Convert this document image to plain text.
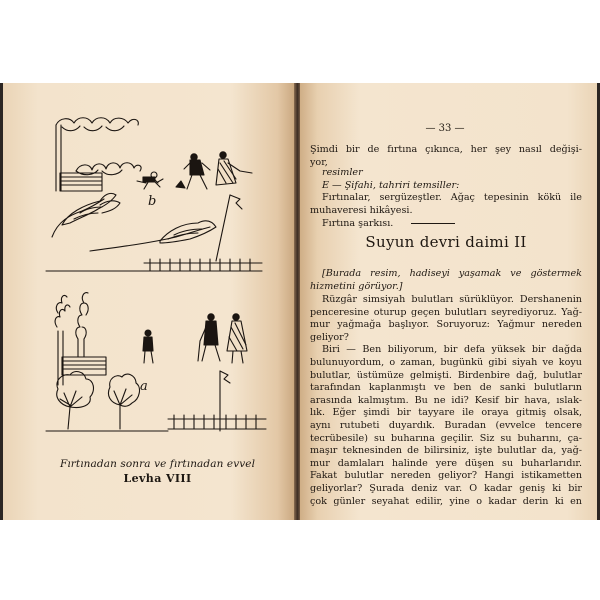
b
a
Fırtınadan sonra ve fırtınadan evvel
Levha VIII
— 33 —
Şimdi bir de fırtına çıkınca, her şey nasıl değişi-
yor,
resimler
E — Şifahi, tahriri temsiller:
Fırtınalar, sergüzeştler. Ağaç tepesinin kökü ile
muhaveresi hikâyesi.
Fırtına şarkısı.
Suyun devri daimi II
[Burada resim, hadiseyi yaşamak ve göstermek
hizmetini görüyor.]
Rüzgâr simsiyah bulutları sürüklüyor. Dershanenin
penceresine oturup geçen bulutları seyrediyoruz. Yağ-
mur yağmağa başlıyor. Soruyoruz: Yağmur nereden
geliyor?
Biri — Ben biliyorum, bir defa yüksek bir dağda
bulunuyordum, o zaman, bugünkü gibi siyah ve koyu
bulutlar, üstümüze gelmişti. Birdenbire dağ, bulutlar
tarafından kaplanmıştı ve ben de sanki bulutların
arasında kalmıştım. Bu ne idi? Kesif bir hava, ıslak-
lık. Eğer şimdi bir tayyare ile oraya gitmiş olsak,
aynı rutubeti duyardık. Buradan (evvelce tencere
tecrübesile) su buharına geçilir. Siz su buharını, ça-
maşır teknesinden de bilirsiniz, işte bulutlar da, yağ-
mur damlaları halinde yere düşen su buharlarıdır.
Fakat bulutlar nereden geliyor? Hangi istikametten
geliyorlar? Şurada deniz var. O kadar geniş ki bir
çok günler seyahat edilir, yine o kadar derin ki en
